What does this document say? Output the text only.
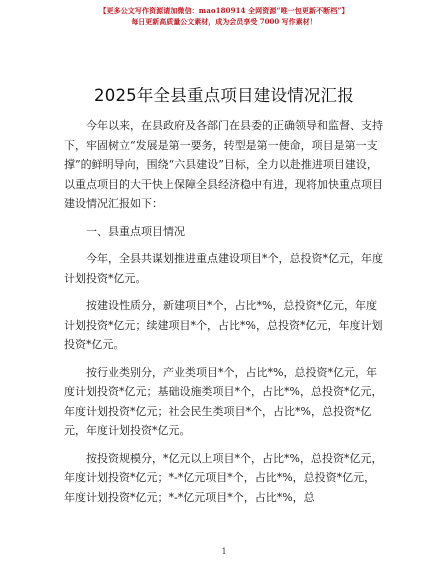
【更多公文写作资源请加微信：mao180914 全网资源“唯一包更新不断档”】
每日更新高质量公文素材，成为会员享受 7000 写作素材！
2025年全县重点项目建设情况汇报

今年以来，在县政府及各部门在县委的正确领导和监督、支持下，牢固树立“发展是第一要务，转型是第一使命，项目是第一支撑”的鲜明导向，围绕“六县建设”目标，全力以赴推进项目建设，以重点项目的大干快上保障全县经济稳中有进，现将加快重点项目建设情况汇报如下：

一、县重点项目情况

今年，全县共谋划推进重点建设项目*个，总投资*亿元，年度计划投资*亿元。

按建设性质分，新建项目*个，占比*%，总投资*亿元，年度计划投资*亿元；续建项目*个，占比*%，总投资*亿元，年度计划投资*亿元。

按行业类别分，产业类项目*个，占比*%，总投资*亿元，年度计划投资*亿元；基础设施类项目*个，占比*%，总投资*亿元，年度计划投资*亿元；社会民生类项目*个，占比*%，总投资*亿元，年度计划投资*亿元。

按投资规模分，*亿元以上项目*个，占比*%，总投资*亿元，年度计划投资*亿元；*-*亿元项目*个，占比*%，总投资*亿元，年度计划投资*亿元；*-*亿元项目*个，占比*%，总

1
